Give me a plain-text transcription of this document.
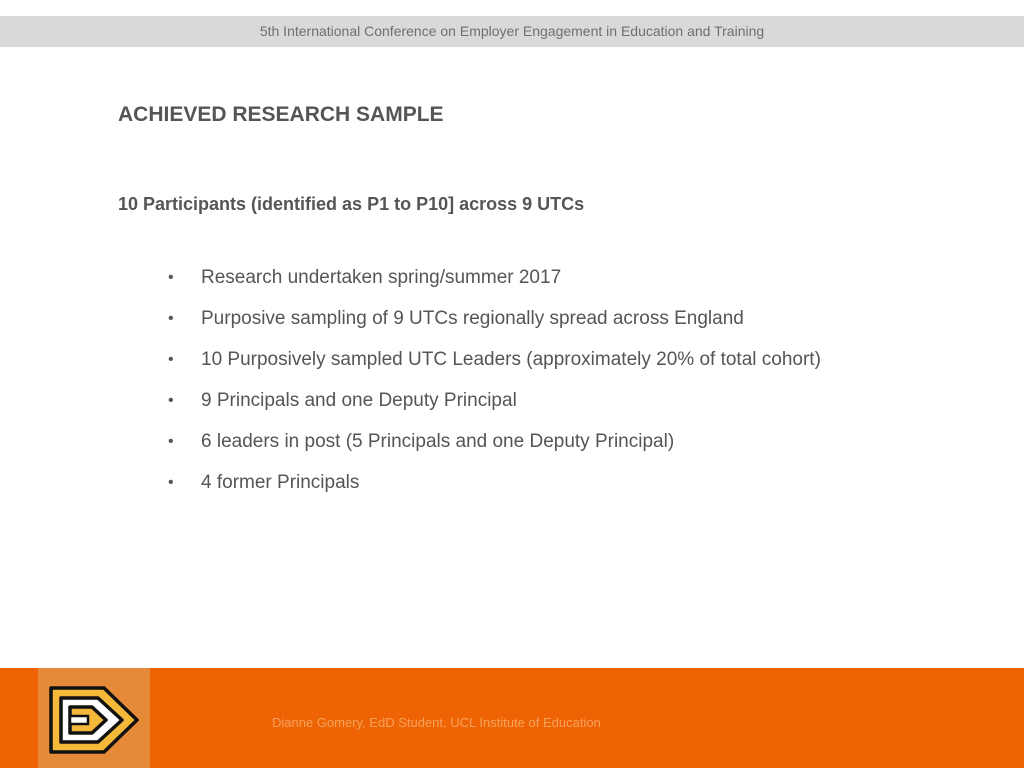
5th International Conference on Employer Engagement in Education and Training
ACHIEVED RESEARCH SAMPLE
10 Participants (identified as P1 to P10] across 9 UTCs
• Research undertaken spring/summer 2017
• Purposive sampling of 9 UTCs regionally spread across England
• 10 Purposively sampled UTC Leaders (approximately 20% of total cohort)
• 9 Principals and one Deputy Principal
• 6 leaders in post (5 Principals and one Deputy Principal)
• 4 former Principals
Dianne Gomery, EdD Student, UCL Institute of Education
